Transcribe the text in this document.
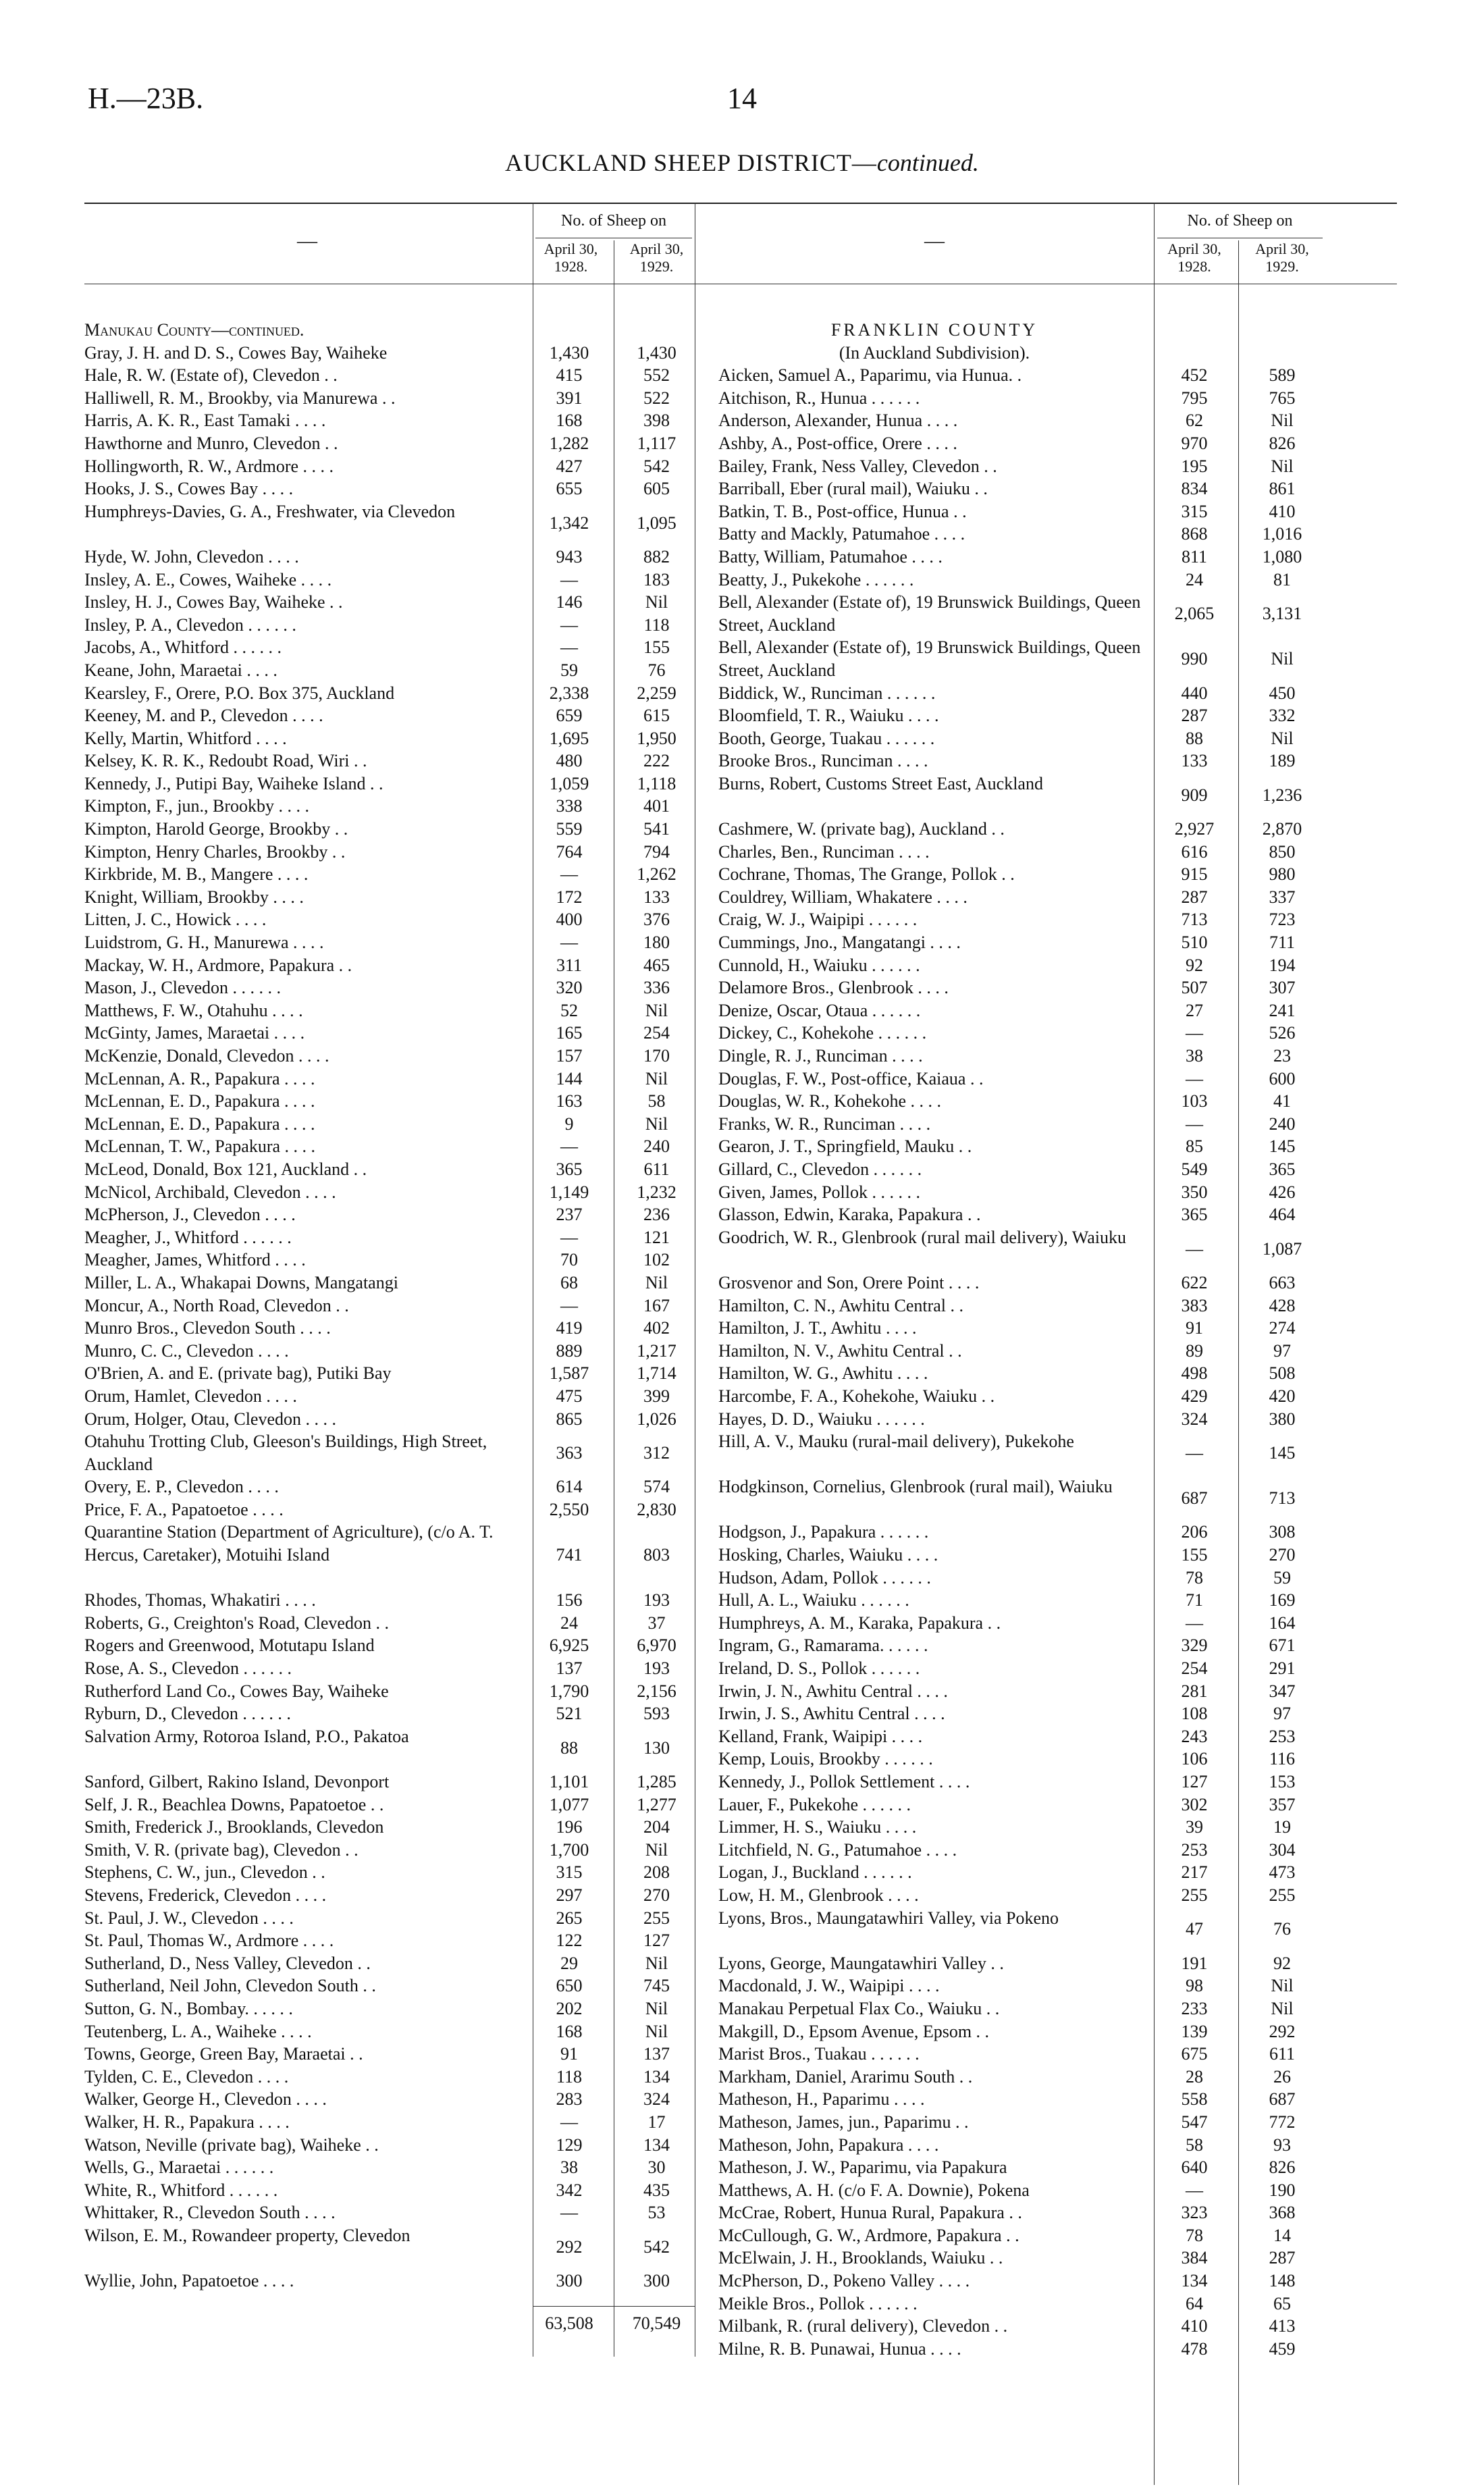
H.—23B.	14
AUCKLAND SHEEP DISTRICT—continued.
—
No. of Sheep on
April 30, 1928.
April 30, 1929.
Manukau County—continued.
Gray, J. H. and D. S., Cowes Bay, Waiheke	1,430	1,430
Hale, R. W. (Estate of), Clevedon . .	415	552
Halliwell, R. M., Brookby, via Manurewa . .	391	522
Harris, A. K. R., East Tamaki . . . .	168	398
Hawthorne and Munro, Clevedon . .	1,282	1,117
Hollingworth, R. W., Ardmore . . . .	427	542
Hooks, J. S., Cowes Bay . . . .	655	605
Humphreys-Davies, G. A., Freshwater, via Clevedon
1,342	1,095
Hyde, W. John, Clevedon . . . .	943	882
Insley, A. E., Cowes, Waiheke . . . .	—	183
Insley, H. J., Cowes Bay, Waiheke . .	146	Nil
Insley, P. A., Clevedon . . . . . .	—	118
Jacobs, A., Whitford . . . . . .	—	155
Keane, John, Maraetai . . . .	59	76
Kearsley, F., Orere, P.O. Box 375, Auckland	2,338	2,259
Keeney, M. and P., Clevedon . . . .	659	615
Kelly, Martin, Whitford . . . .	1,695	1,950
Kelsey, K. R. K., Redoubt Road, Wiri . .	480	222
Kennedy, J., Putipi Bay, Waiheke Island . .	1,059	1,118
Kimpton, F., jun., Brookby . . . .	338	401
Kimpton, Harold George, Brookby . .	559	541
Kimpton, Henry Charles, Brookby . .	764	794
Kirkbride, M. B., Mangere . . . .	—	1,262
Knight, William, Brookby . . . .	172	133
Litten, J. C., Howick . . . .	400	376
Luidstrom, G. H., Manurewa . . . .	—	180
Mackay, W. H., Ardmore, Papakura . .	311	465
Mason, J., Clevedon . . . . . .	320	336
Matthews, F. W., Otahuhu . . . .	52	Nil
McGinty, James, Maraetai . . . .	165	254
McKenzie, Donald, Clevedon . . . .	157	170
McLennan, A. R., Papakura . . . .	144	Nil
McLennan, E. D., Papakura . . . .	163	58
McLennan, E. D., Papakura . . . .	9	Nil
McLennan, T. W., Papakura . . . .	—	240
McLeod, Donald, Box 121, Auckland . .	365	611
McNicol, Archibald, Clevedon . . . .	1,149	1,232
McPherson, J., Clevedon . . . .	237	236
Meagher, J., Whitford . . . . . .	—	121
Meagher, James, Whitford . . . .	70	102
Miller, L. A., Whakapai Downs, Mangatangi	68	Nil
Moncur, A., North Road, Clevedon . .	—	167
Munro Bros., Clevedon South . . . .	419	402
Munro, C. C., Clevedon . . . .	889	1,217
O'Brien, A. and E. (private bag), Putiki Bay	1,587	1,714
Orum, Hamlet, Clevedon . . . .	475	399
Orum, Holger, Otau, Clevedon . . . .	865	1,026
Otahuhu Trotting Club, Gleeson's Buildings, High Street, Auckland
363	312
Overy, E. P., Clevedon . . . .	614	574
Price, F. A., Papatoetoe . . . .	2,550	2,830
Quarantine Station (Department of Agriculture), (c/o A. T. Hercus, Caretaker), Motuihi Island	741	803
Rhodes, Thomas, Whakatiri . . . .	156	193
Roberts, G., Creighton's Road, Clevedon . .	24	37
Rogers and Greenwood, Motutapu Island	6,925	6,970
Rose, A. S., Clevedon . . . . . .	137	193
Rutherford Land Co., Cowes Bay, Waiheke	1,790	2,156
Ryburn, D., Clevedon . . . . . .	521	593
Salvation Army, Rotoroa Island, P.O., Pakatoa
88	130
Sanford, Gilbert, Rakino Island, Devonport	1,101	1,285
Self, J. R., Beachlea Downs, Papatoetoe . .	1,077	1,277
Smith, Frederick J., Brooklands, Clevedon	196	204
Smith, V. R. (private bag), Clevedon . .	1,700	Nil
Stephens, C. W., jun., Clevedon . .	315	208
Stevens, Frederick, Clevedon . . . .	297	270
St. Paul, J. W., Clevedon . . . .	265	255
St. Paul, Thomas W., Ardmore . . . .	122	127
Sutherland, D., Ness Valley, Clevedon . .	29	Nil
Sutherland, Neil John, Clevedon South . .	650	745
Sutton, G. N., Bombay. . . . . .	202	Nil
Teutenberg, L. A., Waiheke . . . .	168	Nil
Towns, George, Green Bay, Maraetai . .	91	137
Tylden, C. E., Clevedon . . . .	118	134
Walker, George H., Clevedon . . . .	283	324
Walker, H. R., Papakura . . . .	—	17
Watson, Neville (private bag), Waiheke . .	129	134
Wells, G., Maraetai . . . . . .	38	30
White, R., Whitford . . . . . .	342	435
Whittaker, R., Clevedon South . . . .	—	53
Wilson, E. M., Rowandeer property, Clevedon
292	542
Wyllie, John, Papatoetoe . . . .	300	300
63,508	70,549
—
No. of Sheep on
April 30, 1928.
April 30, 1929.
FRANKLIN COUNTY
(In Auckland Subdivision).
Aicken, Samuel A., Paparimu, via Hunua. .	452	589
Aitchison, R., Hunua . . . . . .	795	765
Anderson, Alexander, Hunua . . . .	62	Nil
Ashby, A., Post-office, Orere . . . .	970	826
Bailey, Frank, Ness Valley, Clevedon . .	195	Nil
Barriball, Eber (rural mail), Waiuku . .	834	861
Batkin, T. B., Post-office, Hunua . .	315	410
Batty and Mackly, Patumahoe . . . .	868	1,016
Batty, William, Patumahoe . . . .	811	1,080
Beatty, J., Pukekohe . . . . . .	24	81
Bell, Alexander (Estate of), 19 Brunswick Buildings, Queen Street, Auckland
2,065	3,131
Bell, Alexander (Estate of), 19 Brunswick Buildings, Queen Street, Auckland
990	Nil
Biddick, W., Runciman . . . . . .	440	450
Bloomfield, T. R., Waiuku . . . .	287	332
Booth, George, Tuakau . . . . . .	88	Nil
Brooke Bros., Runciman . . . .	133	189
Burns, Robert, Customs Street East, Auckland
909	1,236
Cashmere, W. (private bag), Auckland . .	2,927	2,870
Charles, Ben., Runciman . . . .	616	850
Cochrane, Thomas, The Grange, Pollok . .	915	980
Couldrey, William, Whakatere . . . .	287	337
Craig, W. J., Waipipi . . . . . .	713	723
Cummings, Jno., Mangatangi . . . .	510	711
Cunnold, H., Waiuku . . . . . .	92	194
Delamore Bros., Glenbrook . . . .	507	307
Denize, Oscar, Otaua . . . . . .	27	241
Dickey, C., Kohekohe . . . . . .	—	526
Dingle, R. J., Runciman . . . .	38	23
Douglas, F. W., Post-office, Kaiaua . .	—	600
Douglas, W. R., Kohekohe . . . .	103	41
Franks, W. R., Runciman . . . .	—	240
Gearon, J. T., Springfield, Mauku . .	85	145
Gillard, C., Clevedon . . . . . .	549	365
Given, James, Pollok . . . . . .	350	426
Glasson, Edwin, Karaka, Papakura . .	365	464
Goodrich, W. R., Glenbrook (rural mail delivery), Waiuku
—	1,087
Grosvenor and Son, Orere Point . . . .	622	663
Hamilton, C. N., Awhitu Central . .	383	428
Hamilton, J. T., Awhitu . . . .	91	274
Hamilton, N. V., Awhitu Central . .	89	97
Hamilton, W. G., Awhitu . . . .	498	508
Harcombe, F. A., Kohekohe, Waiuku . .	429	420
Hayes, D. D., Waiuku . . . . . .	324	380
Hill, A. V., Mauku (rural-mail delivery), Pukekohe
—	145
Hodgkinson, Cornelius, Glenbrook (rural mail), Waiuku
687	713
Hodgson, J., Papakura . . . . . .	206	308
Hosking, Charles, Waiuku . . . .	155	270
Hudson, Adam, Pollok . . . . . .	78	59
Hull, A. L., Waiuku . . . . . .	71	169
Humphreys, A. M., Karaka, Papakura . .	—	164
Ingram, G., Ramarama. . . . . .	329	671
Ireland, D. S., Pollok . . . . . .	254	291
Irwin, J. N., Awhitu Central . . . .	281	347
Irwin, J. S., Awhitu Central . . . .	108	97
Kelland, Frank, Waipipi . . . .	243	253
Kemp, Louis, Brookby . . . . . .	106	116
Kennedy, J., Pollok Settlement . . . .	127	153
Lauer, F., Pukekohe . . . . . .	302	357
Limmer, H. S., Waiuku . . . .	39	19
Litchfield, N. G., Patumahoe . . . .	253	304
Logan, J., Buckland . . . . . .	217	473
Low, H. M., Glenbrook . . . .	255	255
Lyons, Bros., Maungatawhiri Valley, via Pokeno
47	76
Lyons, George, Maungatawhiri Valley . .	191	92
Macdonald, J. W., Waipipi . . . .	98	Nil
Manakau Perpetual Flax Co., Waiuku . .	233	Nil
Makgill, D., Epsom Avenue, Epsom . .	139	292
Marist Bros., Tuakau . . . . . .	675	611
Markham, Daniel, Ararimu South . .	28	26
Matheson, H., Paparimu . . . .	558	687
Matheson, James, jun., Paparimu . .	547	772
Matheson, John, Papakura . . . .	58	93
Matheson, J. W., Paparimu, via Papakura	640	826
Matthews, A. H. (c/o F. A. Downie), Pokena	—	190
McCrae, Robert, Hunua Rural, Papakura . .	323	368
McCullough, G. W., Ardmore, Papakura . .	78	14
McElwain, J. H., Brooklands, Waiuku . .	384	287
McPherson, D., Pokeno Valley . . . .	134	148
Meikle Bros., Pollok . . . . . .	64	65
Milbank, R. (rural delivery), Clevedon . .	410	413
Milne, R. B. Punawai, Hunua . . . .	478	459
